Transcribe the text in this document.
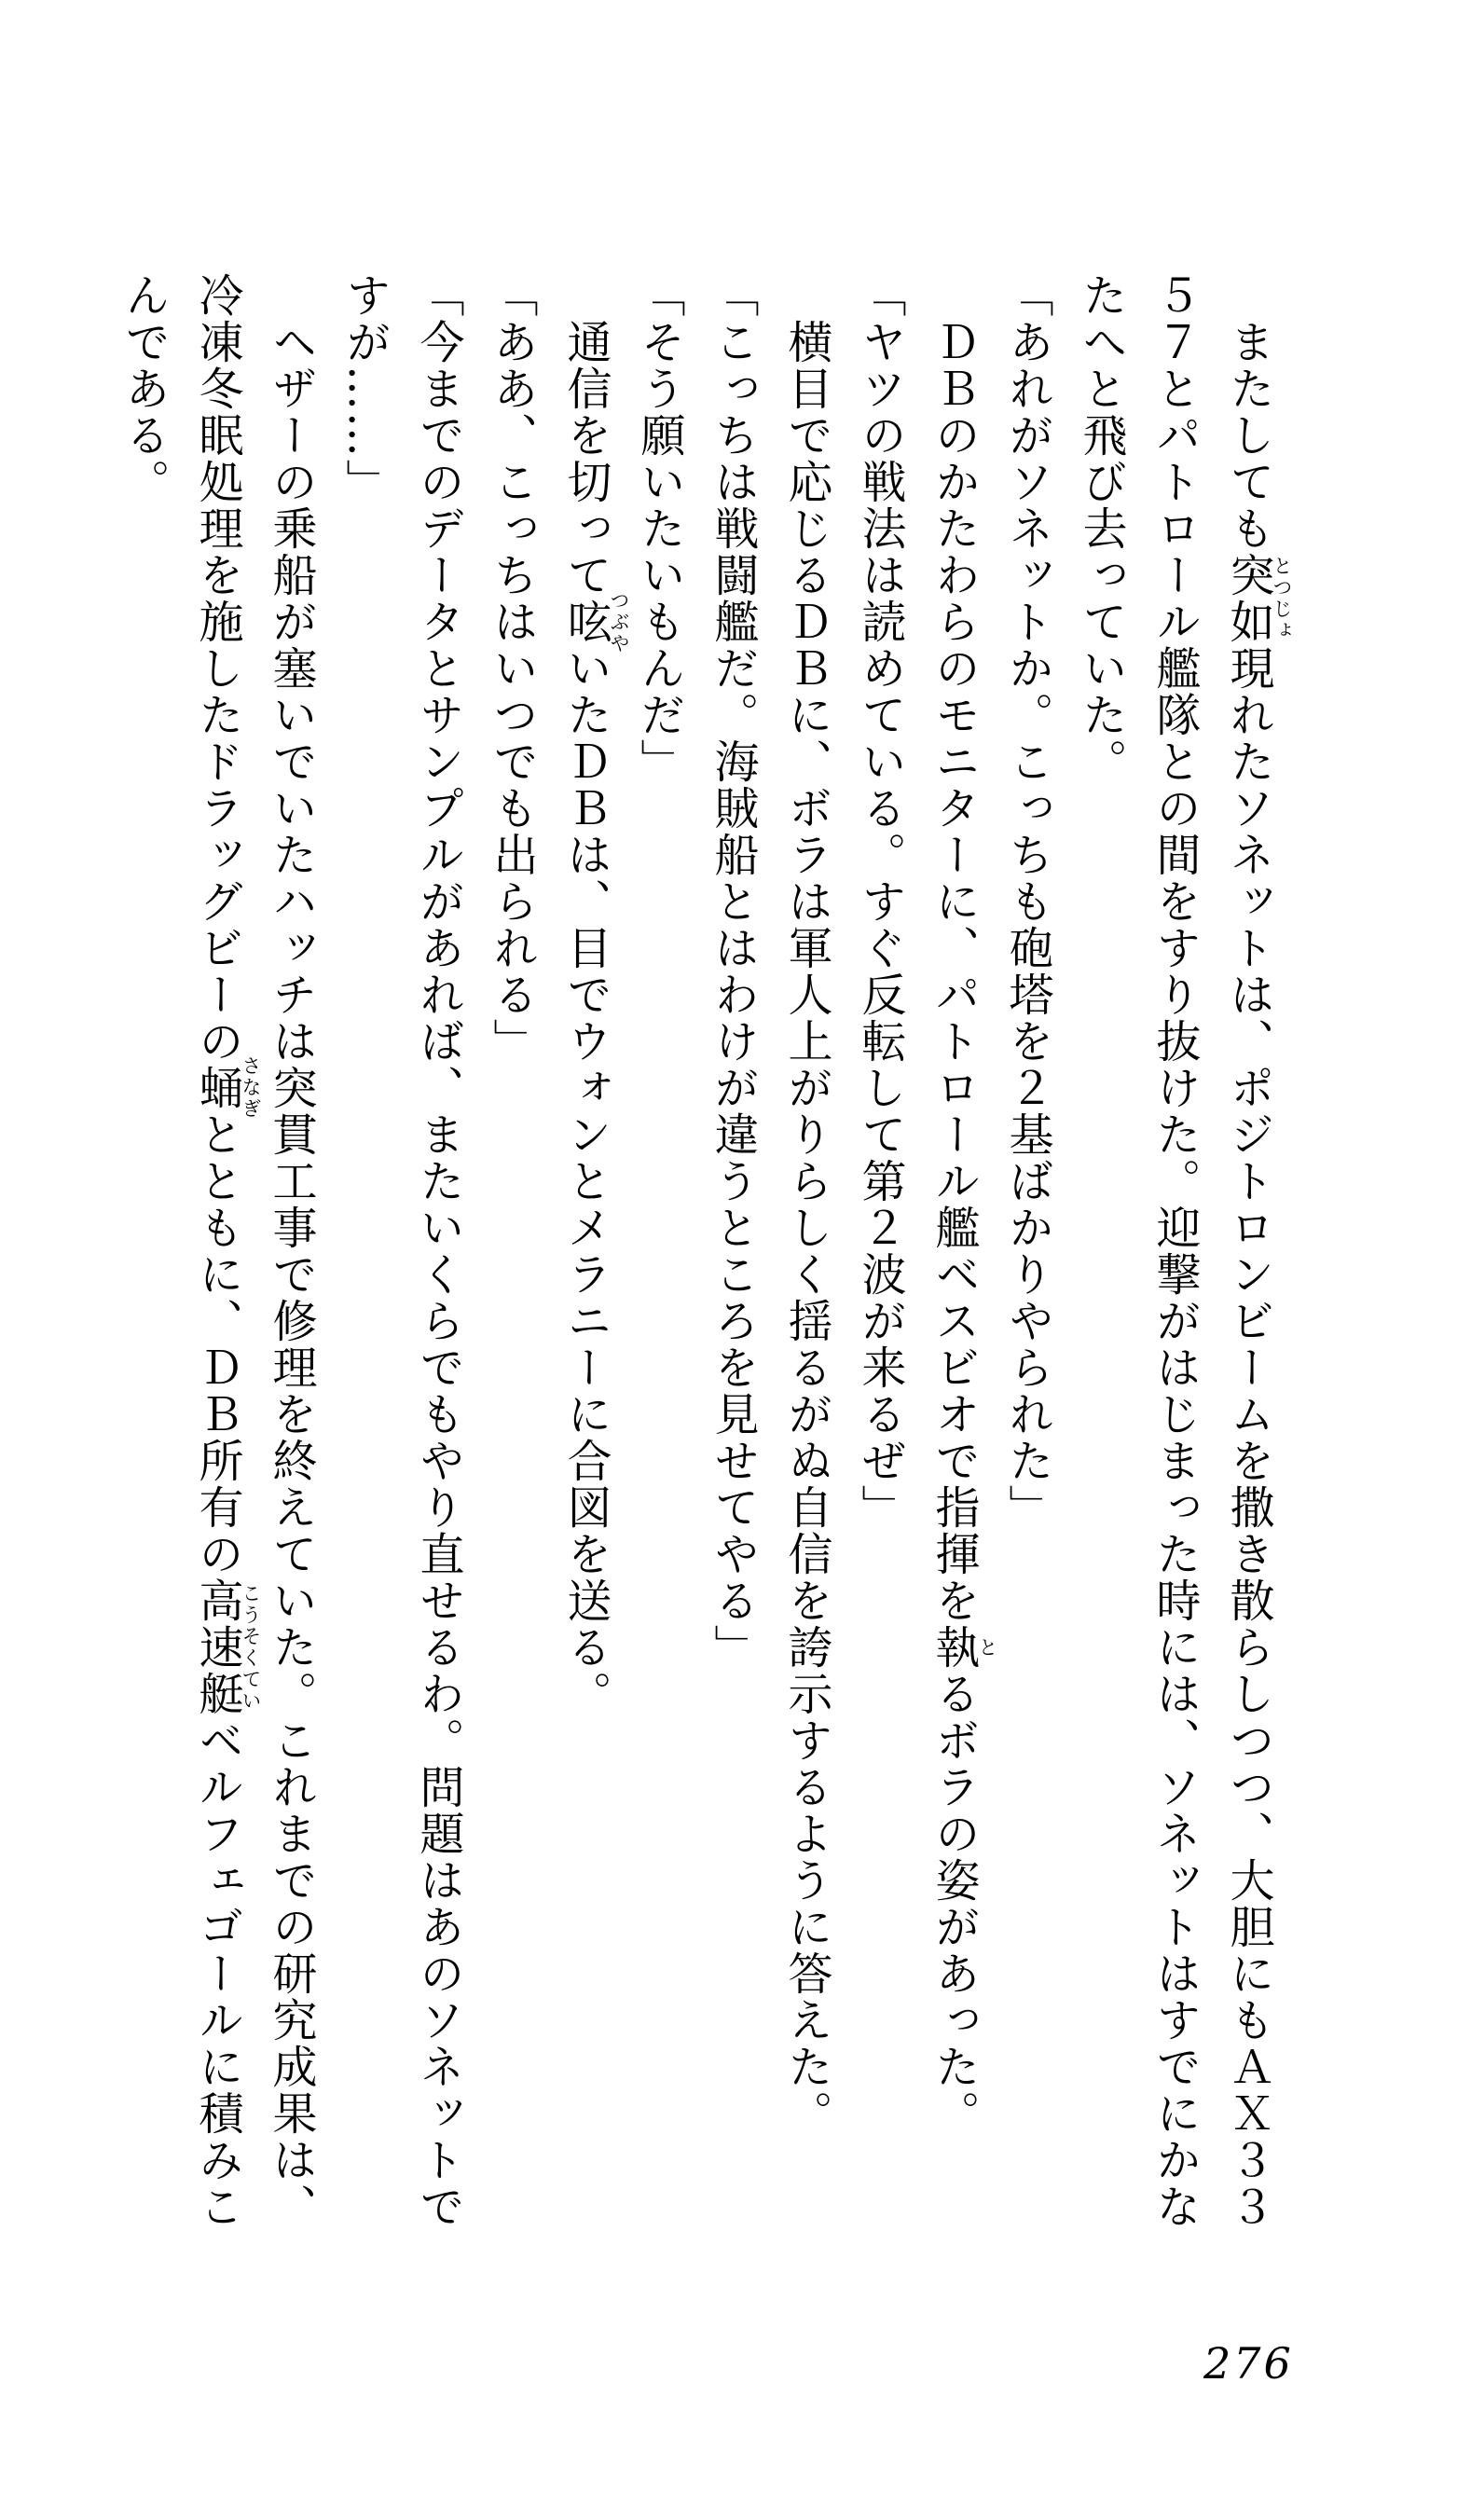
　またしても突如現れたソネットは、ポジトロンビームを撒き散らしつつ、大胆にもＡＸ３３

５７とパトロール艦隊との間をすり抜けた。迎撃がはじまった時には、ソネットはすでにかな

たへと飛び去っていた。

「あれがソネットか。こっちも砲塔を２基ばかりやられた」

　ＤＢのかたわらのモニターに、パトロール艦ベスビオで指揮を執るボラの姿があった。

「ヤツの戦法は読めている。すぐ反転して第２波が来るぜ」

　横目で応じるＤＢに、ボラは軍人上がりらしく揺るがぬ自信を誇示するように答えた。

「こっちは戦闘艦だ。海賊船とはわけが違うところを見せてやる」

「そう願いたいもんだ」

　通信を切って呟いたＤＢは、目でウォンとメラニーに合図を送る。

「ああ、こっちはいつでも出られる」

「今までのデータとサンプルがあれば、またいくらでもやり直せるわ。問題はあのソネットで

すが……」

　ヘザーの乗船が塞いでいたハッチは突貫工事で修理を終えていた。これまでの研究成果は、

冷凍冬眠処理を施したドラッグビーの蛹とともに、ＤＢ所有の高速艇ベルフェゴールに積みこ

んである。

とつじょ
と
つぶや
さなぎ
こうそくてい
276
